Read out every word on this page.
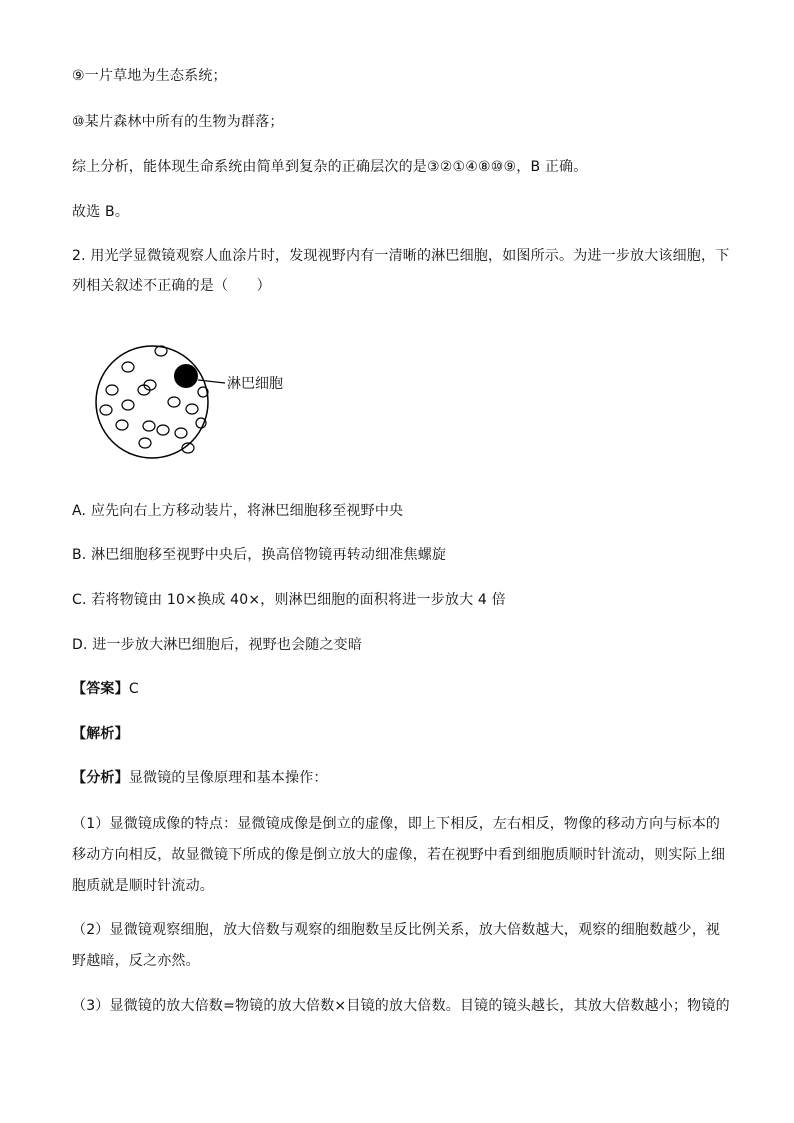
⑨一片草地为生态系统；
⑩某片森林中所有的生物为群落；
综上分析，能体现生命系统由简单到复杂的正确层次的是③②①④⑧⑩⑨，B 正确。
故选 B。
2. 用光学显微镜观察人血涂片时，发现视野内有一清晰的淋巴细胞，如图所示。为进一步放大该细胞，下
列相关叙述不正确的是（　　）
淋巴细胞
A. 应先向右上方移动装片，将淋巴细胞移至视野中央
B. 淋巴细胞移至视野中央后，换高倍物镜再转动细准焦螺旋
C. 若将物镜由 10×换成 40×，则淋巴细胞的面积将进一步放大 4 倍
D. 进一步放大淋巴细胞后，视野也会随之变暗
【答案】C
【解析】
【分析】显微镜的呈像原理和基本操作：
（1）显微镜成像的特点：显微镜成像是倒立的虚像，即上下相反，左右相反，物像的移动方向与标本的
移动方向相反，故显微镜下所成的像是倒立放大的虚像，若在视野中看到细胞质顺时针流动，则实际上细
胞质就是顺时针流动。
（2）显微镜观察细胞，放大倍数与观察的细胞数呈反比例关系，放大倍数越大，观察的细胞数越少，视
野越暗，反之亦然。
（3）显微镜的放大倍数=物镜的放大倍数×目镜的放大倍数。目镜的镜头越长，其放大倍数越小；物镜的
